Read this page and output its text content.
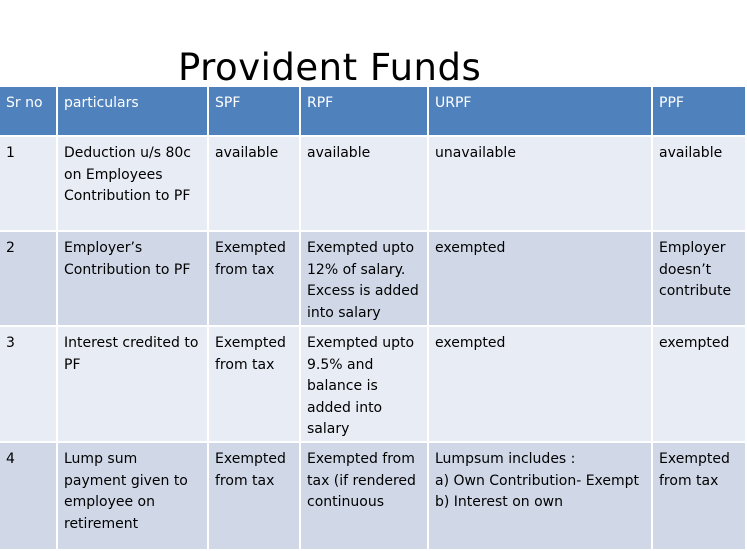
Provident Funds
Sr no	particulars	SPF	RPF	URPF	PPF
1	Deduction u/s 80c on Employees Contribution to PF	available	available	unavailable	available
2	Employer’s Contribution to PF	Exempted from tax	Exempted upto 12% of salary. Excess is added into salary	exempted	Employer doesn’t contribute
3	Interest credited to PF	Exempted from tax	Exempted upto 9.5% and balance is added into salary	exempted	exempted
4	Lump sum payment given to employee on retirement	Exempted from tax	Exempted from tax (if rendered continuous	Lumpsum includes :
a) Own Contribution- Exempt
b) Interest on own	Exempted from tax
